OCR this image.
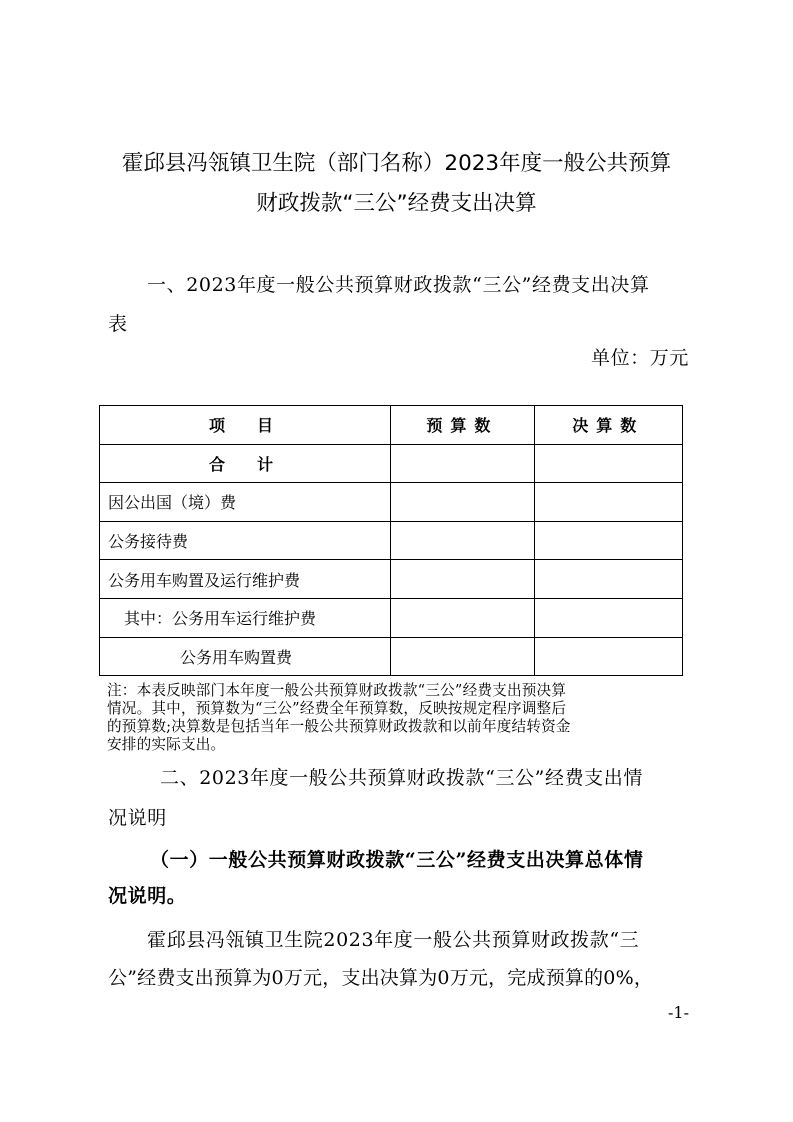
霍邱县冯瓴镇卫生院（部门名称）2023年度一般公共预算
财政拨款“三公”经费支出决算
一、2023年度一般公共预算财政拨款“三公”经费支出决算
表
单位：万元
项　目	预算数	决算数
合　计		
因公出国（境）费		
公务接待费		
公务用车购置及运行维护费		
其中：公务用车运行维护费		
公务用车购置费		
注：本表反映部门本年度一般公共预算财政拨款“三公”经费支出预决算
情况。其中，预算数为“三公”经费全年预算数，反映按规定程序调整后
的预算数;决算数是包括当年一般公共预算财政拨款和以前年度结转资金
安排的实际支出。
二、2023年度一般公共预算财政拨款“三公”经费支出情
况说明
（一）一般公共预算财政拨款“三公”经费支出决算总体情
况说明。
霍邱县冯瓴镇卫生院2023年度一般公共预算财政拨款“三
公”经费支出预算为0万元，支出决算为0万元，完成预算的0%，
-1-
